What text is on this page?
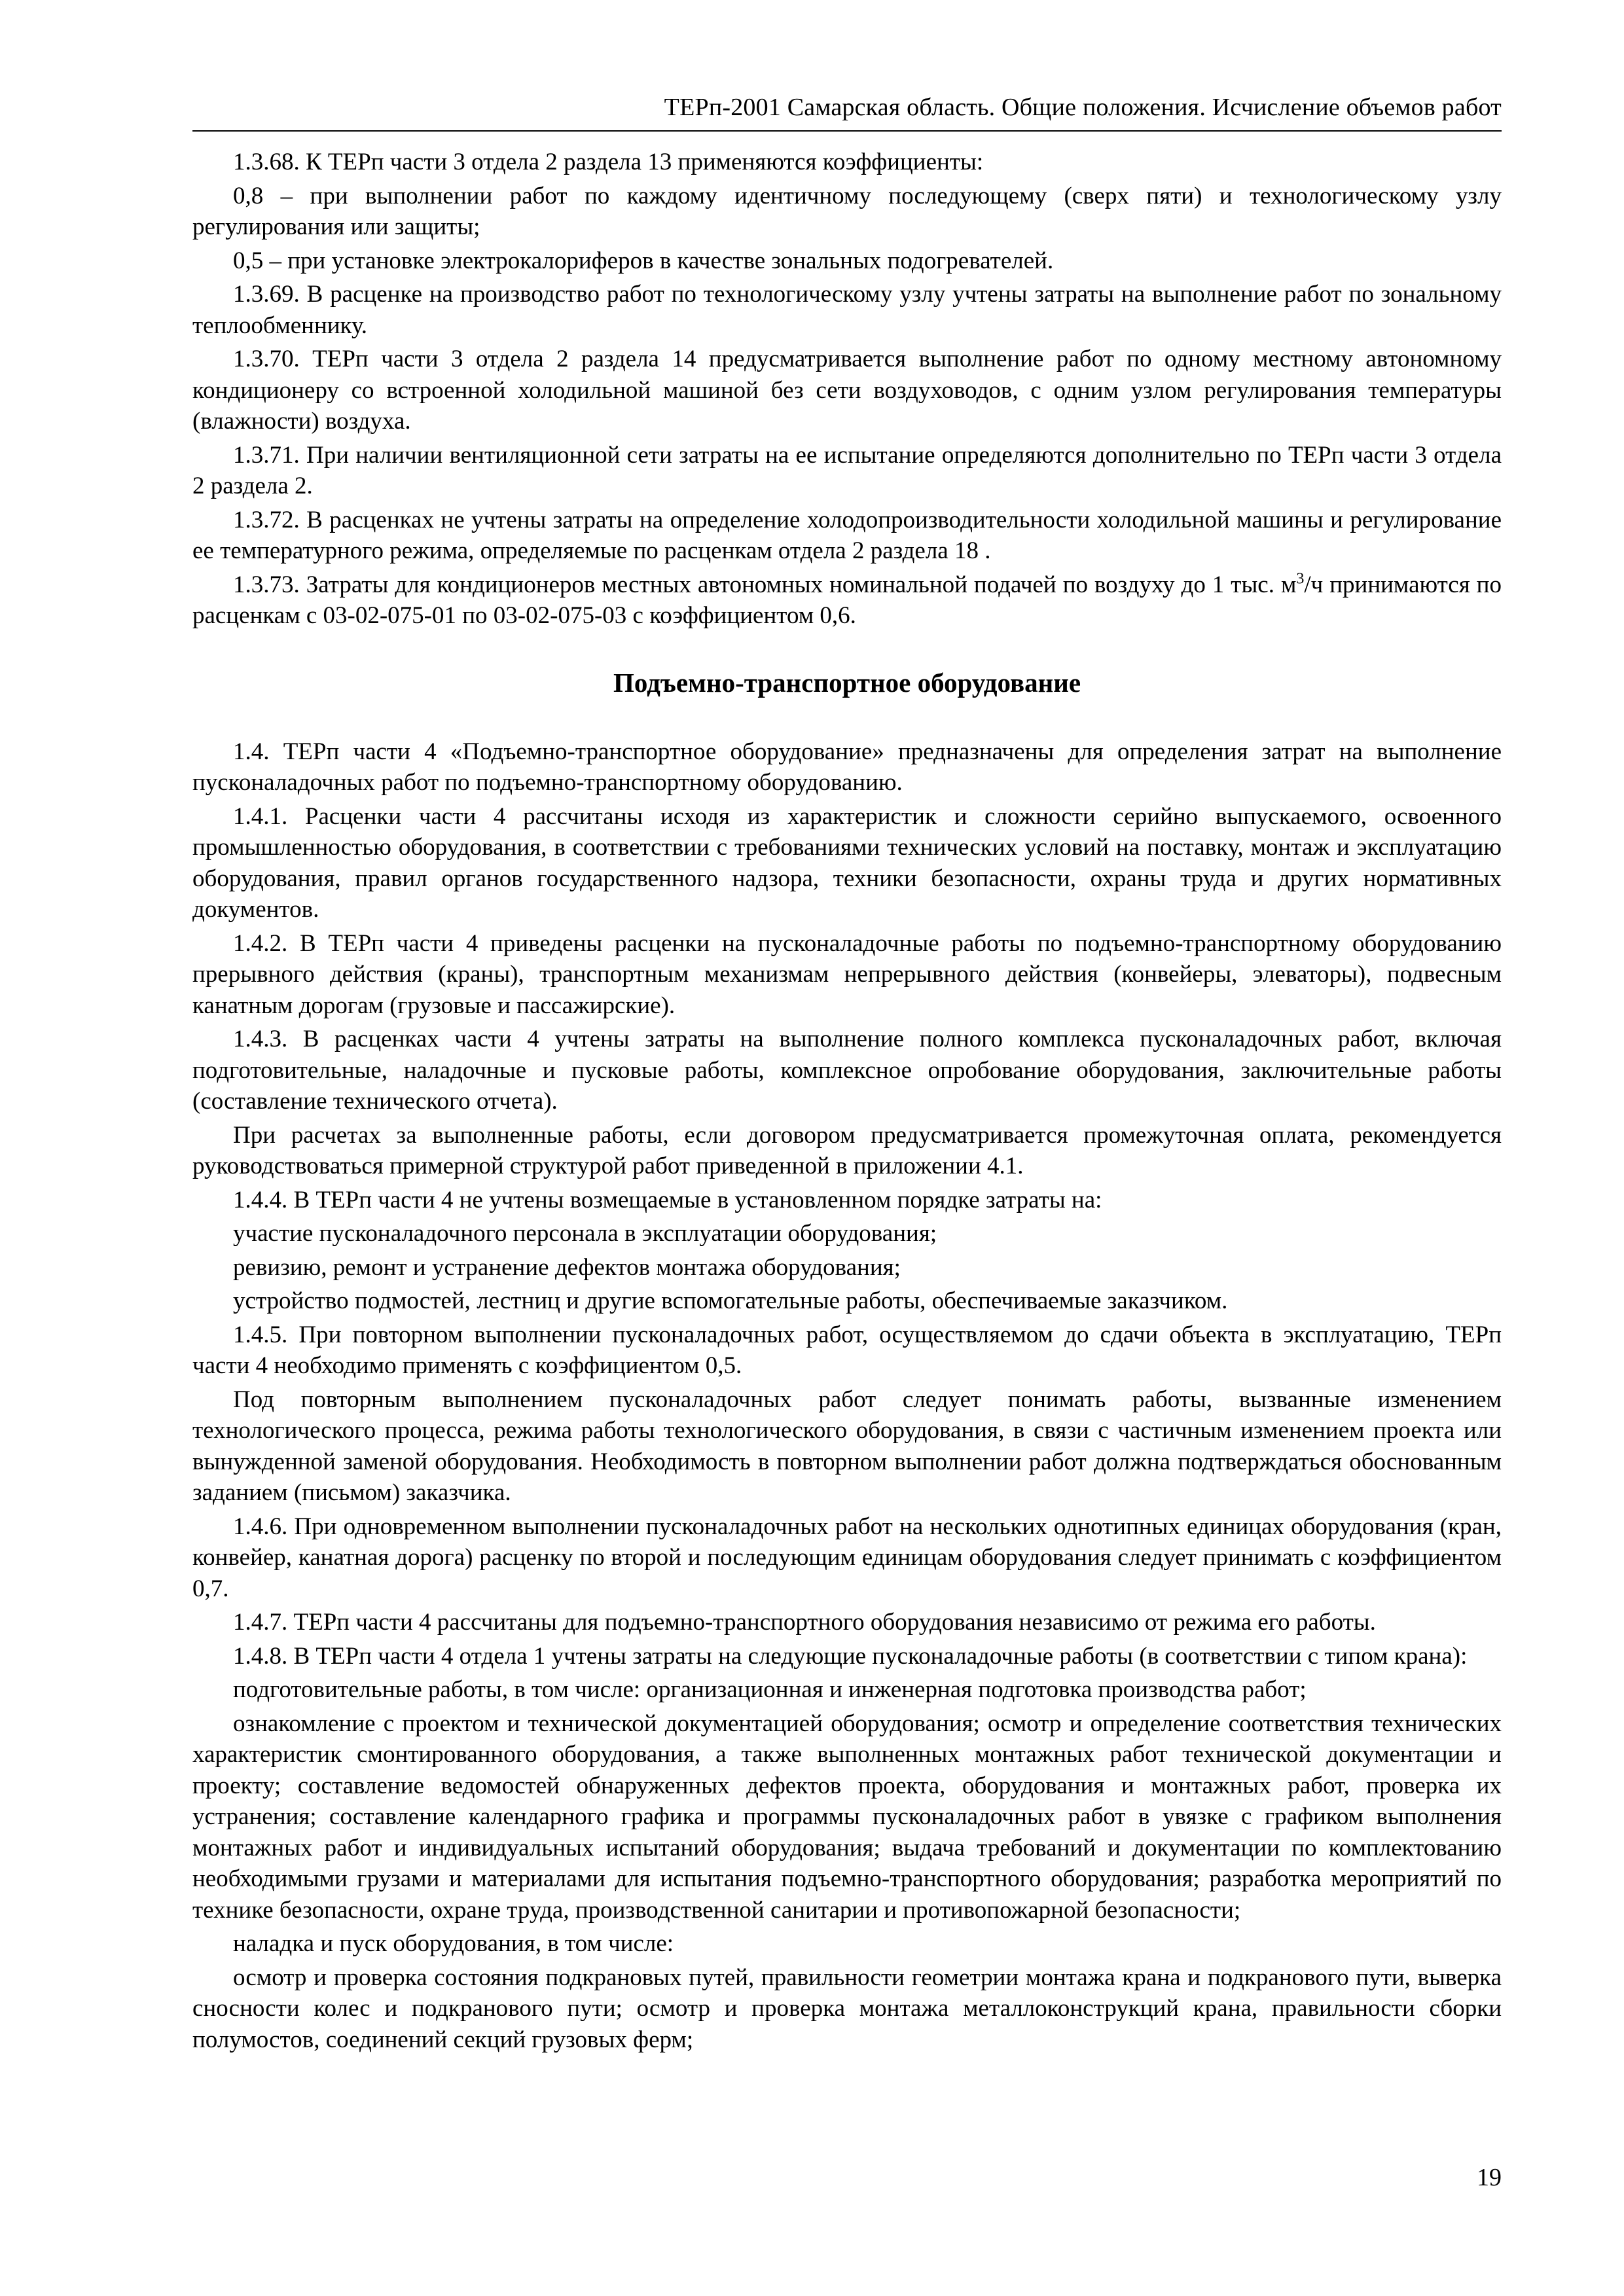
ТЕРп-2001 Самарская область. Общие положения. Исчисление объемов работ

1.3.68. К ТЕРп части 3 отдела 2 раздела 13 применяются коэффициенты:

0,8 – при выполнении работ по каждому идентичному последующему (сверх пяти) и технологическому узлу регулирования или защиты;

0,5 – при установке электрокалориферов в качестве зональных подогревателей.

1.3.69. В расценке на производство работ по технологическому узлу учтены затраты на выполнение работ по зональному теплообменнику.

1.3.70. ТЕРп части 3 отдела 2 раздела 14 предусматривается выполнение работ по одному местному автономному кондиционеру со встроенной холодильной машиной без сети воздуховодов, с одним узлом регулирования температуры (влажности) воздуха.

1.3.71. При наличии вентиляционной сети затраты на ее испытание определяются дополнительно по ТЕРп части 3 отдела 2 раздела 2.

1.3.72. В расценках не учтены затраты на определение холодопроизводительности холодильной машины и регулирование ее температурного режима, определяемые по расценкам отдела 2 раздела 18 .

1.3.73. Затраты для кондиционеров местных автономных номинальной подачей по воздуху до 1 тыс. $м^3/ч$ принимаются по расценкам с 03-02-075-01 по 03-02-075-03 с коэффициентом 0,6.

Подъемно-транспортное оборудование

1.4. ТЕРп части 4 «Подъемно-транспортное оборудование» предназначены для определения затрат на выполнение пусконаладочных работ по подъемно-транспортному оборудованию.

1.4.1. Расценки части 4 рассчитаны исходя из характеристик и сложности серийно выпускаемого, освоенного промышленностью оборудования, в соответствии с требованиями технических условий на поставку, монтаж и эксплуатацию оборудования, правил органов государственного надзора, техники безопасности, охраны труда и других нормативных документов.

1.4.2. В ТЕРп части 4 приведены расценки на пусконаладочные работы по подъемно-транспортному оборудованию прерывного действия (краны), транспортным механизмам непрерывного действия (конвейеры, элеваторы), подвесным канатным дорогам (грузовые и пассажирские).

1.4.3. В расценках части 4 учтены затраты на выполнение полного комплекса пусконаладочных работ, включая подготовительные, наладочные и пусковые работы, комплексное опробование оборудования, заключительные работы (составление технического отчета).

При расчетах за выполненные работы, если договором предусматривается промежуточная оплата, рекомендуется руководствоваться примерной структурой работ приведенной в приложении 4.1.

1.4.4. В ТЕРп части 4 не учтены возмещаемые в установленном порядке затраты на:

участие пусконаладочного персонала в эксплуатации оборудования;

ревизию, ремонт и устранение дефектов монтажа оборудования;

устройство подмостей, лестниц и другие вспомогательные работы, обеспечиваемые заказчиком.

1.4.5. При повторном выполнении пусконаладочных работ, осуществляемом до сдачи объекта в эксплуатацию, ТЕРп части 4 необходимо применять с коэффициентом 0,5.

Под повторным выполнением пусконаладочных работ следует понимать работы, вызванные изменением технологического процесса, режима работы технологического оборудования, в связи с частичным изменением проекта или вынужденной заменой оборудования. Необходимость в повторном выполнении работ должна подтверждаться обоснованным заданием (письмом) заказчика.

1.4.6. При одновременном выполнении пусконаладочных работ на нескольких однотипных единицах оборудования (кран, конвейер, канатная дорога) расценку по второй и последующим единицам оборудования следует принимать с коэффициентом 0,7.

1.4.7. ТЕРп части 4 рассчитаны для подъемно-транспортного оборудования независимо от режима его работы.

1.4.8. В ТЕРп части 4 отдела 1 учтены затраты на следующие пусконаладочные работы (в соответствии с типом крана):

подготовительные работы, в том числе: организационная и инженерная подготовка производства работ;

ознакомление с проектом и технической документацией оборудования; осмотр и определение соответствия технических характеристик смонтированного оборудования, а также выполненных монтажных работ технической документации и проекту; составление ведомостей обнаруженных дефектов проекта, оборудования и монтажных работ, проверка их устранения; составление календарного графика и программы пусконаладочных работ в увязке с графиком выполнения монтажных работ и индивидуальных испытаний оборудования; выдача требований и документации по комплектованию необходимыми грузами и материалами для испытания подъемно-транспортного оборудования; разработка мероприятий по технике безопасности, охране труда, производственной санитарии и противопожарной безопасности;

наладка и пуск оборудования, в том числе:

осмотр и проверка состояния подкрановых путей, правильности геометрии монтажа крана и подкранового пути, выверка сносности колес и подкранового пути; осмотр и проверка монтажа металлоконструкций крана, правильности сборки полумостов, соединений секций грузовых ферм;

19
